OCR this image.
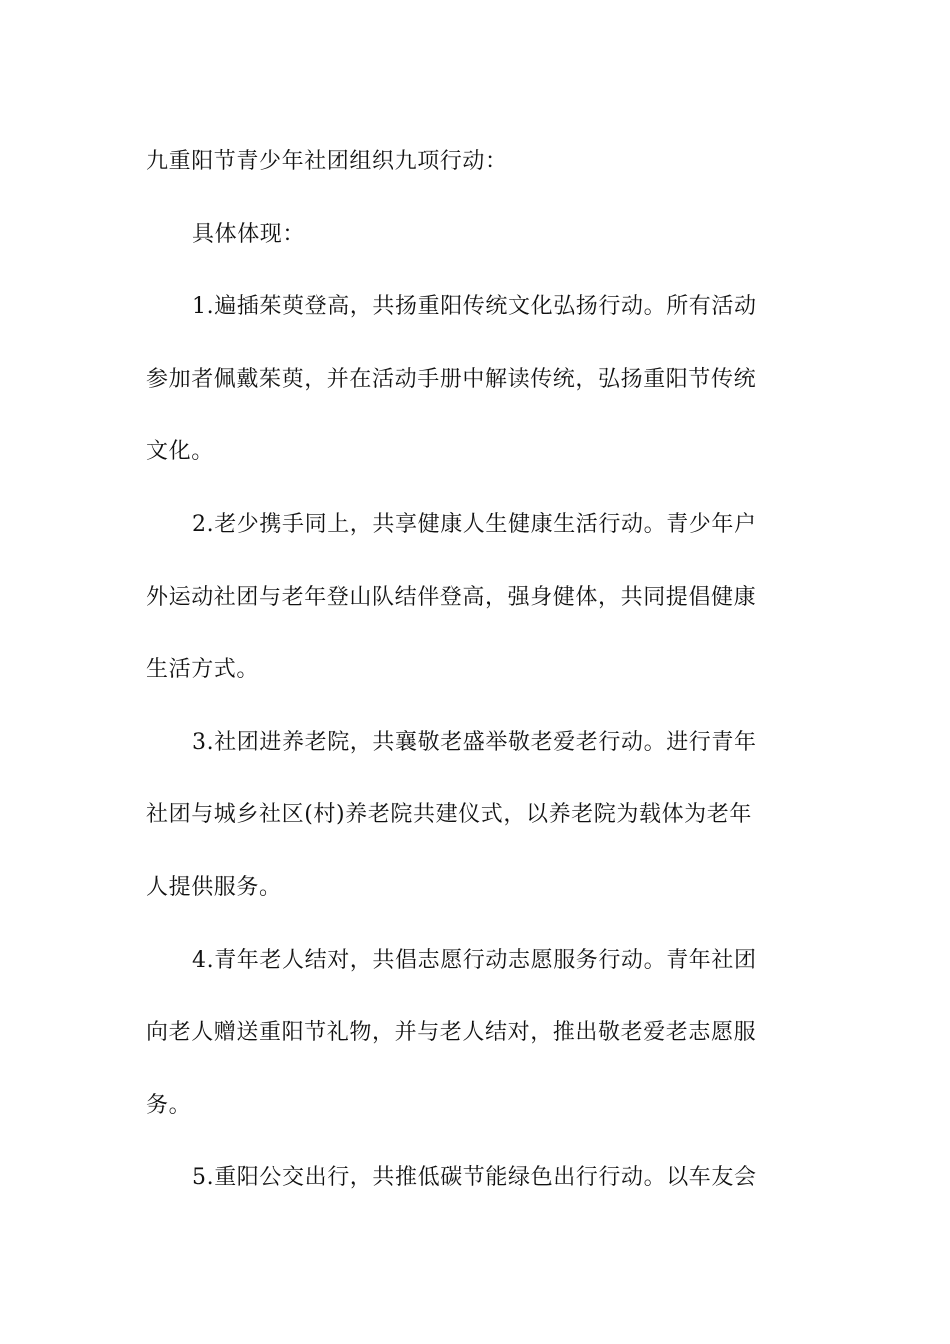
九重阳节青少年社团组织九项行动：
具体体现：
1.遍插茱萸登高，共扬重阳传统文化弘扬行动。所有活动
参加者佩戴茱萸，并在活动手册中解读传统，弘扬重阳节传统
文化。
2.老少携手同上，共享健康人生健康生活行动。青少年户
外运动社团与老年登山队结伴登高，强身健体，共同提倡健康
生活方式。
3.社团进养老院，共襄敬老盛举敬老爱老行动。进行青年
社团与城乡社区(村)养老院共建仪式，以养老院为载体为老年
人提供服务。
4.青年老人结对，共倡志愿行动志愿服务行动。青年社团
向老人赠送重阳节礼物，并与老人结对，推出敬老爱老志愿服
务。
5.重阳公交出行，共推低碳节能绿色出行行动。以车友会
